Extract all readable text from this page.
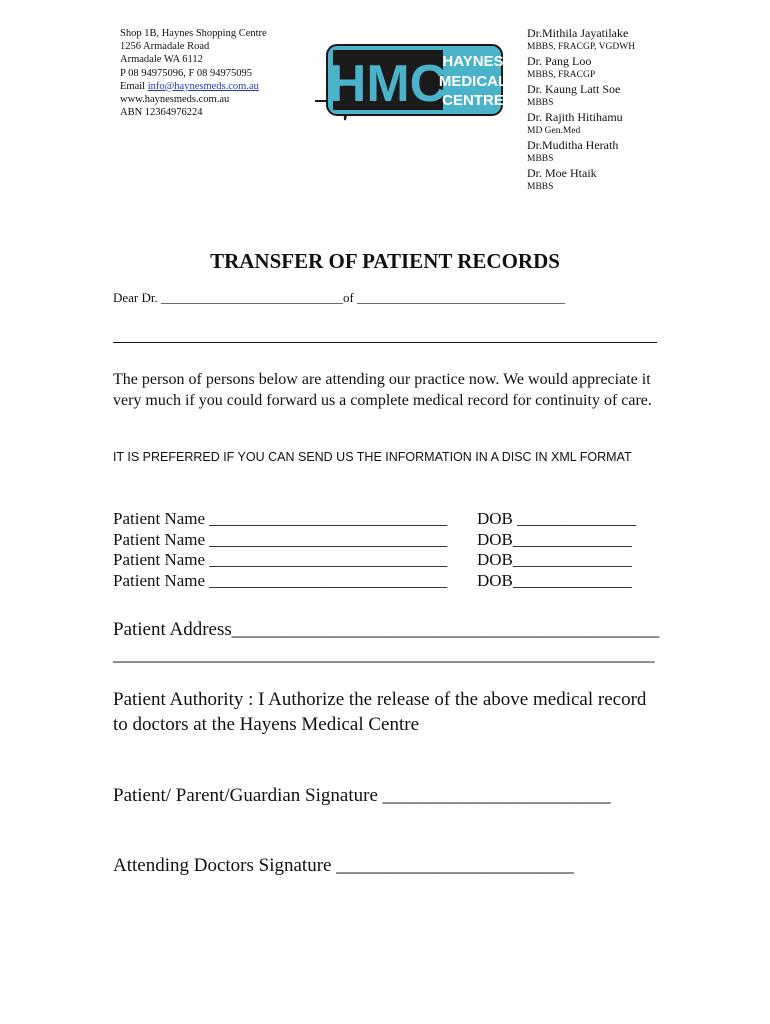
Shop 1B, Haynes Shopping Centre
1256 Armadale Road
Armadale WA 6112
P 08 94975096, F 08 94975095
Email info@haynesmeds.com.au
www.haynesmeds.com.au
ABN 12364976224	HMC
HAYNES
MEDICAL
CENTRE
Dr.Mithila Jayatilake
MBBS, FRACGP, VGDWH
Dr. Pang Loo
MBBS, FRACGP
Dr. Kaung Latt Soe
MBBS
Dr. Rajith Hitihamu
MD Gen.Med
Dr.Muditha Herath
MBBS
Dr. Moe Htaik
MBBS
TRANSFER OF PATIENT RECORDS
Dear Dr. ____________________________of ________________________________
The person of persons below are attending our practice now. We would appreciate it very much if you could forward us a complete medical record for continuity of care.
IT IS PREFERRED IF YOU CAN SEND US THE INFORMATION IN A DISC IN XML FORMAT
Patient Name ____________________________ DOB ______________
Patient Name ____________________________ DOB______________
Patient Name ____________________________ DOB______________
Patient Name ____________________________ DOB______________
Patient Address_____________________________________________
_________________________________________________________
Patient Authority : I Authorize the release of the above medical record to doctors at the Hayens Medical Centre
Patient/ Parent/Guardian Signature ________________________
Attending Doctors Signature _________________________
